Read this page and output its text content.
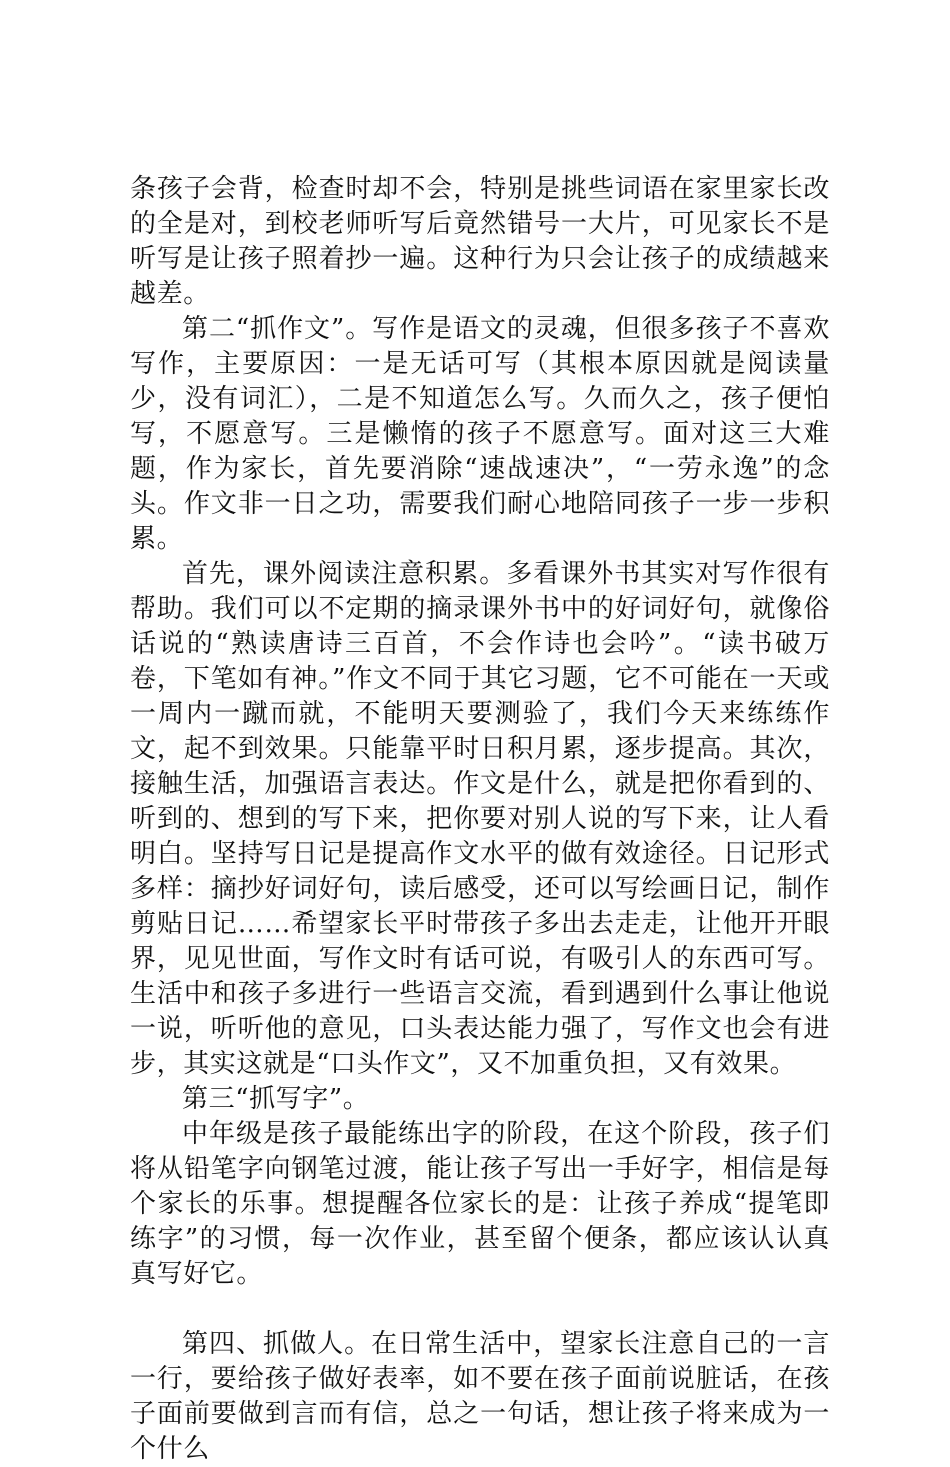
条孩子会背，检查时却不会，特别是挑些词语在家里家长改的全是对，到校老师听写后竟然错号一大片，可见家长不是听写是让孩子照着抄一遍。这种行为只会让孩子的成绩越来越差。

第二“抓作文”。写作是语文的灵魂，但很多孩子不喜欢写作，主要原因：一是无话可写（其根本原因就是阅读量少，没有词汇），二是不知道怎么写。久而久之，孩子便怕写，不愿意写。三是懒惰的孩子不愿意写。面对这三大难题，作为家长，首先要消除“速战速决”，“一劳永逸”的念头。作文非一日之功，需要我们耐心地陪同孩子一步一步积累。

首先，课外阅读注意积累。多看课外书其实对写作很有帮助。我们可以不定期的摘录课外书中的好词好句，就像俗话说的“熟读唐诗三百首，不会作诗也会吟”。“读书破万卷，下笔如有神。”作文不同于其它习题，它不可能在一天或一周内一蹴而就，不能明天要测验了，我们今天来练练作文，起不到效果。只能靠平时日积月累，逐步提高。其次，接触生活，加强语言表达。作文是什么，就是把你看到的、听到的、想到的写下来，把你要对别人说的写下来，让人看明白。坚持写日记是提高作文水平的做有效途径。日记形式多样：摘抄好词好句，读后感受，还可以写绘画日记，制作剪贴日记……希望家长平时带孩子多出去走走，让他开开眼界，见见世面，写作文时有话可说，有吸引人的东西可写。生活中和孩子多进行一些语言交流，看到遇到什么事让他说一说，听听他的意见，口头表达能力强了，写作文也会有进步，其实这就是“口头作文”，又不加重负担，又有效果。

第三“抓写字”。

中年级是孩子最能练出字的阶段，在这个阶段，孩子们将从铅笔字向钢笔过渡，能让孩子写出一手好字，相信是每个家长的乐事。想提醒各位家长的是：让孩子养成“提笔即练字”的习惯，每一次作业，甚至留个便条，都应该认认真真写好它。

第四、抓做人。在日常生活中，望家长注意自己的一言一行，要给孩子做好表率，如不要在孩子面前说脏话，在孩子面前要做到言而有信，总之一句话，想让孩子将来成为一个什么
